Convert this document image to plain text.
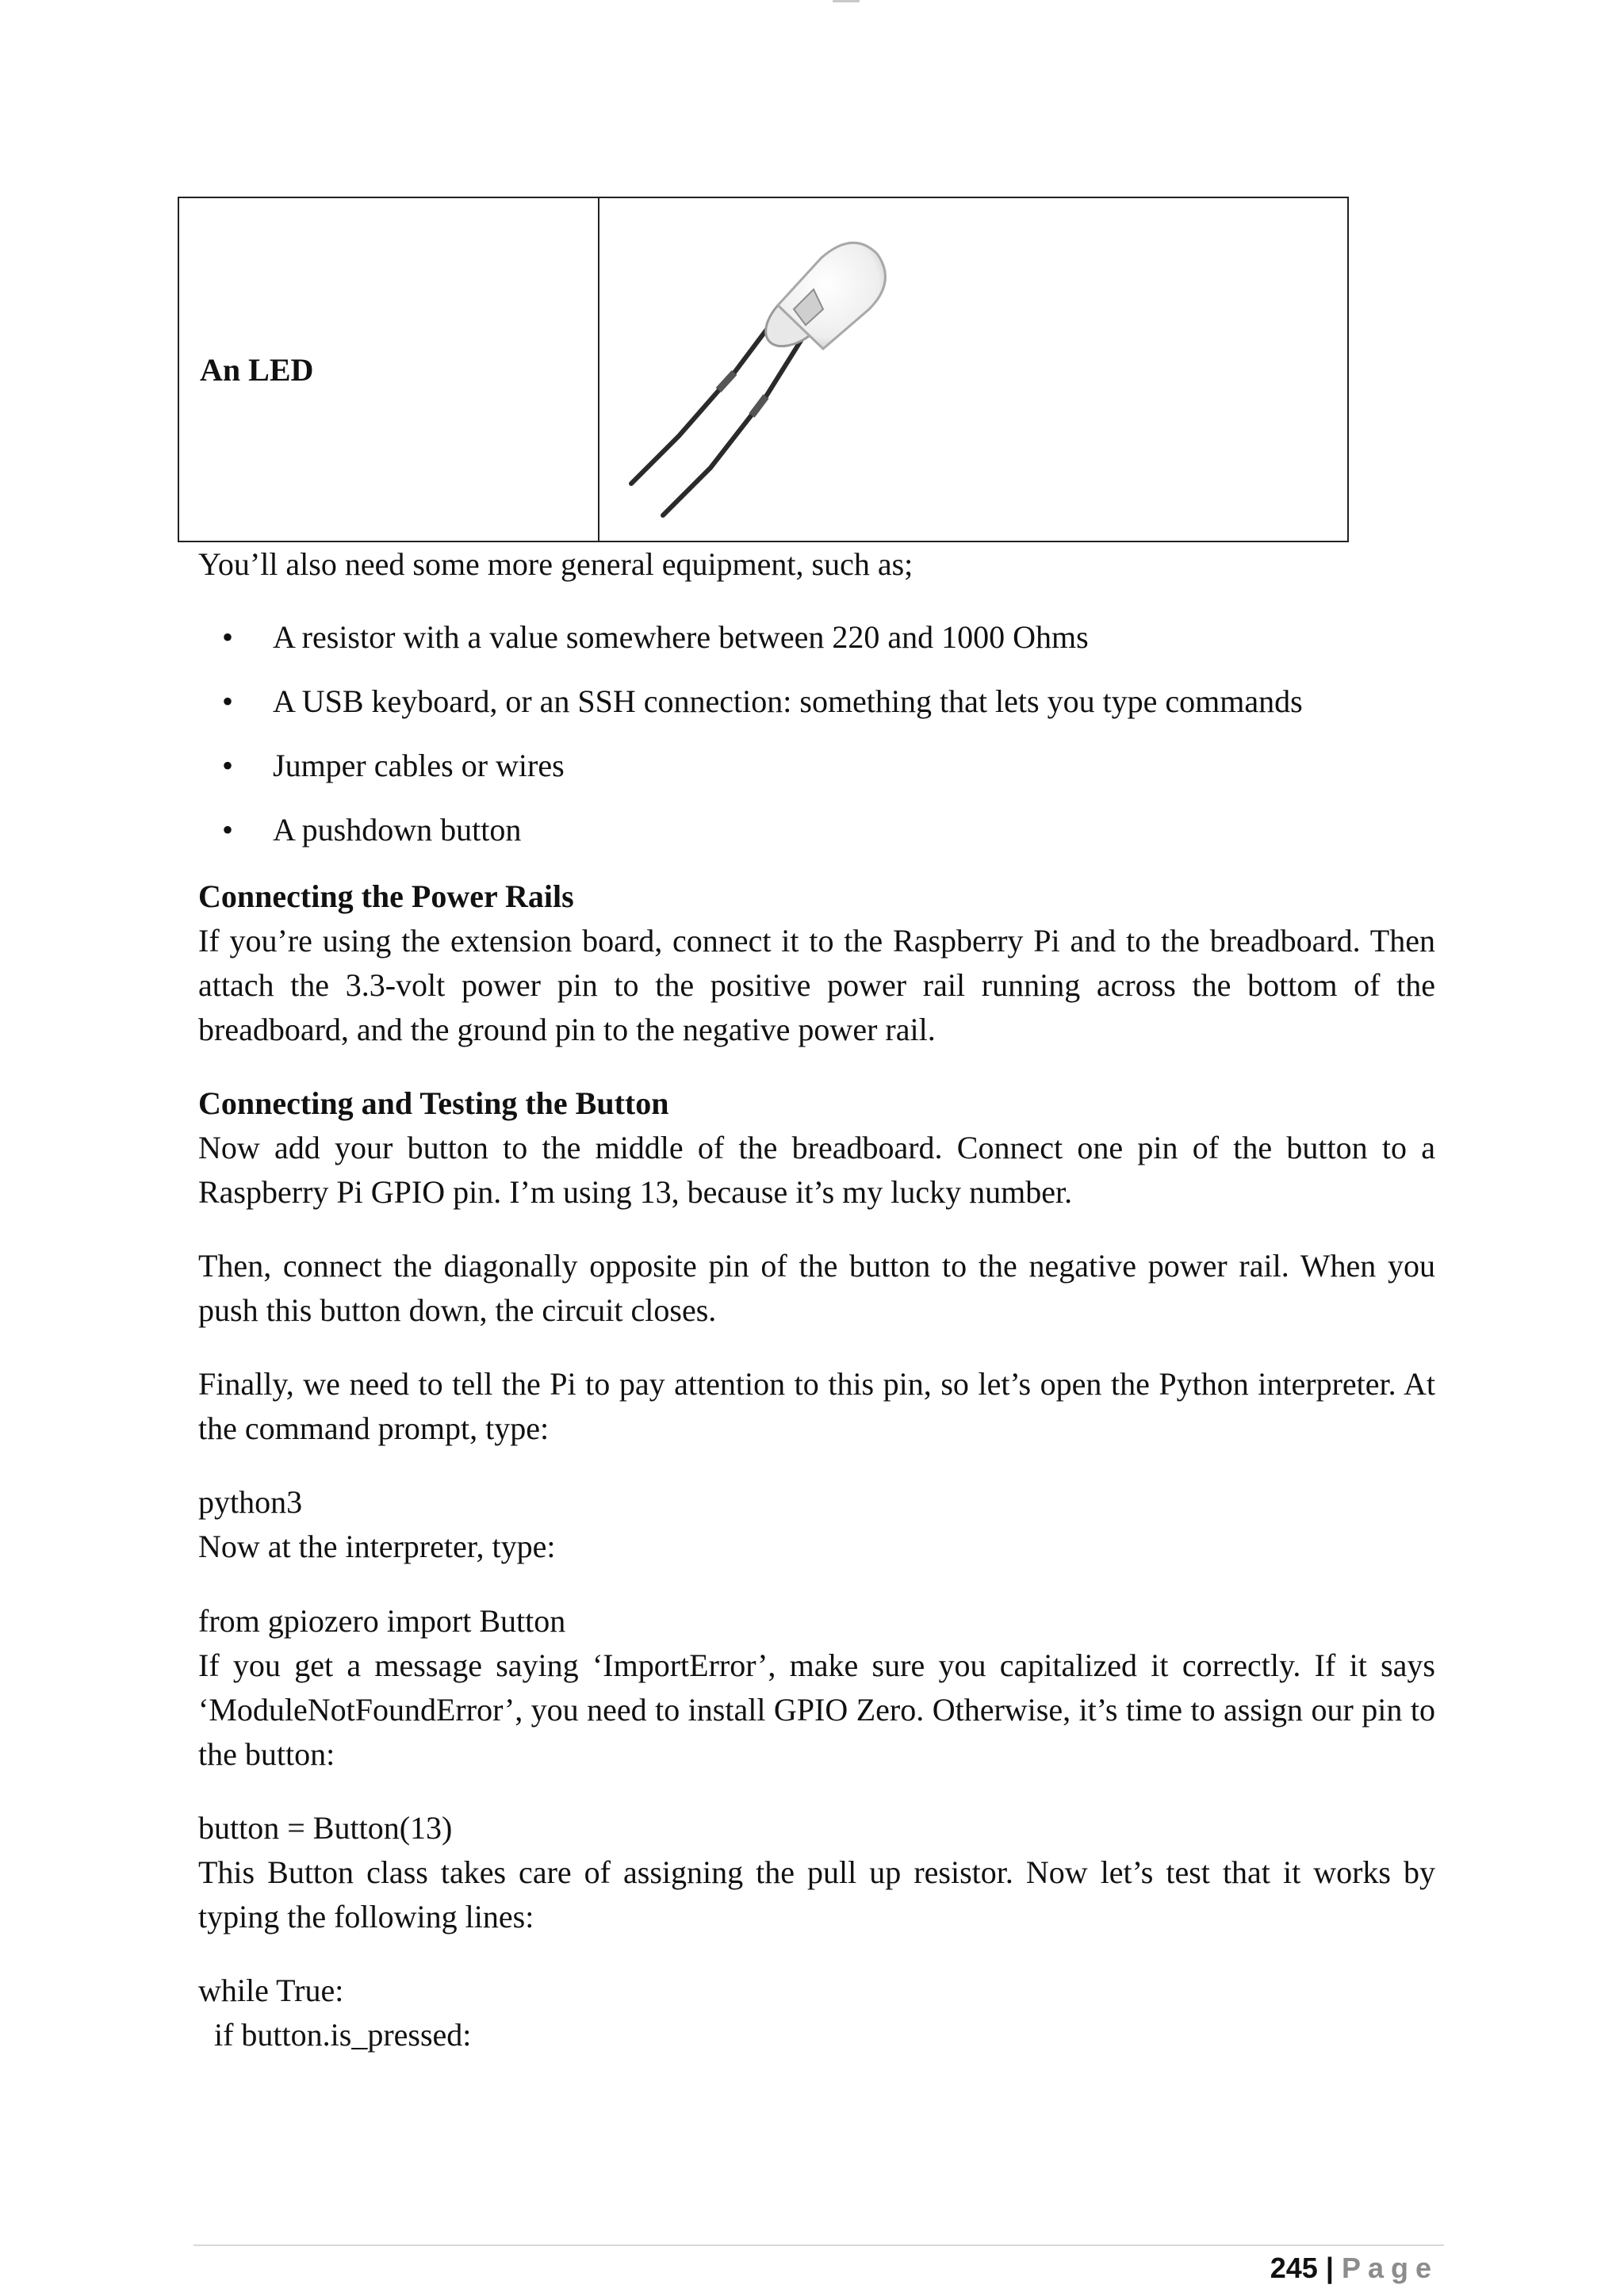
An LED

You’ll also need some more general equipment, such as;

• A resistor with a value somewhere between 220 and 1000 Ohms
• A USB keyboard, or an SSH connection: something that lets you type commands
• Jumper cables or wires
• A pushdown button
Connecting the Power Rails

If you’re using the extension board, connect it to the Raspberry Pi and to the breadboard. Then attach the 3.3-volt power pin to the positive power rail running across the bottom of the breadboard, and the ground pin to the negative power rail.

Connecting and Testing the Button

Now add your button to the middle of the breadboard. Connect one pin of the button to a Raspberry Pi GPIO pin. I’m using 13, because it’s my lucky number.

Then, connect the diagonally opposite pin of the button to the negative power rail. When you push this button down, the circuit closes.

Finally, we need to tell the Pi to pay attention to this pin, so let’s open the Python interpreter. At the command prompt, type:

python3

Now at the interpreter, type:

from gpiozero import Button

If you get a message saying ‘ImportError’, make sure you capitalized it correctly. If it says ‘ModuleNotFoundError’, you need to install GPIO Zero. Otherwise, it’s time to assign our pin to the button:

button = Button(13)

This Button class takes care of assigning the pull up resistor. Now let’s test that it works by typing the following lines:

while True:

if button.is_pressed:

245 | Page
